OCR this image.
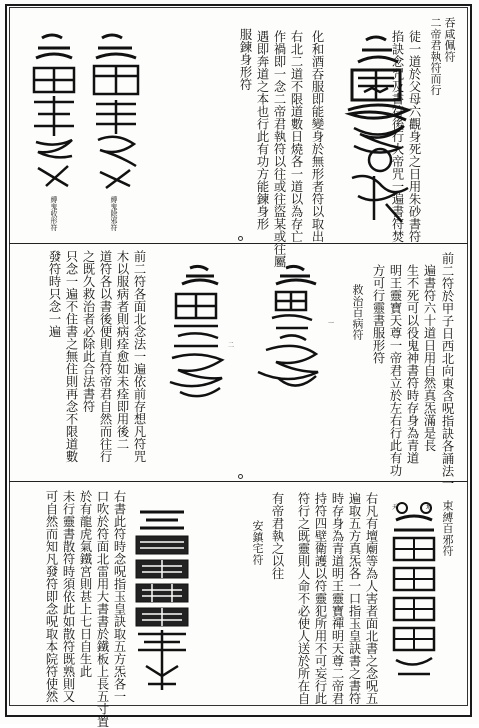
吞咸佩符
二帝君執符而行
徒一道於父母六觀身死之日用朱砂書符
掐訣念咒及書符後行大帝咒一遍書符焚
化和酒吞服即能變身於無形者符以取出
右北二道不限道數日燒各一道以為存亡
作禍即一念二帝君執符以往或往盜某或往屬
遇即奔道之本也行此有功方能鍊身形
服鍊身形符
縛鬼除邪符
縛鬼收形符
前二符於甲子日西北向東含呪指訣各誦法一
遍書符六十道日用自然真炁滿是長
生不死可以役鬼神書符時存身為青道
明王靈寶天尊一帝君立於左右行此有功
方可行靈書服形符
救治百病符
一
二
前二符各面北念法一遍依前存想凡符咒
木以服病者則病痊愈如未痊即用後二
道符各以書後便則直符帝君自然而往行
之既久救治者必除此合法書符
只念一遍不住書之無住則再念不限道數
發符時只念一遍
束縛百邪符
天	地
右凡有壇廟等為人害者面北書之念呪五
遍取五方真炁各一口指玉皇訣書之書符
時存身為青道明王靈寶禪明天尊二帝君
持符四壁衛護以符靈犯所用不可妄行此
符行之既靈則人命不必使人送於所在自
有帝君執之以往
安鎮宅符
右書此符時念呪指玉皇訣取五方炁各一
口吹於符面北雷用大書書於鐵板上長五寸置
於有龍虎氣鐵宮則甚上七日自生此
未行靈書散符時須依此如散符既熟則又
可自然而知凡發符即念呪取本院符使然
